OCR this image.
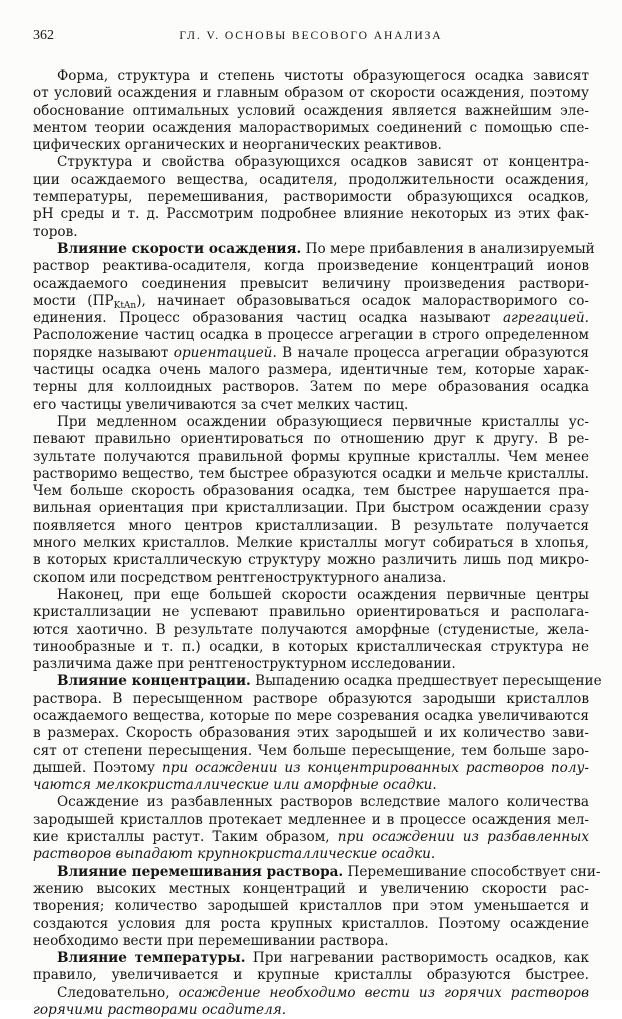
362	ГЛ. V. ОСНОВЫ ВЕСОВОГО АНАЛИЗА
Форма, структура и степень чистоты образующегося осадка зависят
от условий осаждения и главным образом от скорости осаждения, поэтому
обоснование оптимальных условий осаждения является важнейшим эле-
ментом теории осаждения малорастворимых соединений с помощью спе-
цифических органических и неорганических реактивов.
Структура и свойства образующихся осадков зависят от концентра-
ции осаждаемого вещества, осадителя, продолжительности осаждения,
температуры, перемешивания, растворимости образующихся осадков,
pH среды и т. д. Рассмотрим подробнее влияние некоторых из этих фак-
торов.
Влияние скорости осаждения. По мере прибавления в анализируемый
раствор реактива-осадителя, когда произведение концентраций ионов
осаждаемого соединения превысит величину произведения раствори-
мости $(ПР_{KtAn})$, начинает образовываться осадок малорастворимого со-
единения. Процесс образования частиц осадка называют агрегацией.
Расположение частиц осадка в процессе агрегации в строго определенном
порядке называют ориентацией. В начале процесса агрегации образуются
частицы осадка очень малого размера, идентичные тем, которые харак-
терны для коллоидных растворов. Затем по мере образования осадка
его частицы увеличиваются за счет мелких частиц.
При медленном осаждении образующиеся первичные кристаллы ус-
певают правильно ориентироваться по отношению друг к другу. В ре-
зультате получаются правильной формы крупные кристаллы. Чем менее
растворимо вещество, тем быстрее образуются осадки и мельче кристаллы.
Чем больше скорость образования осадка, тем быстрее нарушается пра-
вильная ориентация при кристаллизации. При быстром осаждении сразу
появляется много центров кристаллизации. В результате получается
много мелких кристаллов. Мелкие кристаллы могут собираться в хлопья,
в которых кристаллическую структуру можно различить лишь под микро-
скопом или посредством рентгеноструктурного анализа.
Наконец, при еще большей скорости осаждения первичные центры
кристаллизации не успевают правильно ориентироваться и располага-
ются хаотично. В результате получаются аморфные (студенистые, жела-
тинообразные и т. п.) осадки, в которых кристаллическая структура не
различима даже при рентгеноструктурном исследовании.
Влияние концентрации. Выпадению осадка предшествует пересыщение
раствора. В пересыщенном растворе образуются зародыши кристаллов
осаждаемого вещества, которые по мере созревания осадка увеличиваются
в размерах. Скорость образования этих зародышей и их количество зави-
сят от степени пересыщения. Чем больше пересыщение, тем больше заро-
дышей. Поэтому при осаждении из концентрированных растворов полу-
чаются мелкокристаллические или аморфные осадки.
Осаждение из разбавленных растворов вследствие малого количества
зародышей кристаллов протекает медленнее и в процессе осаждения мел-
кие кристаллы растут. Таким образом, при осаждении из разбавленных
растворов выпадают крупнокристаллические осадки.
Влияние перемешивания раствора. Перемешивание способствует сни-
жению высоких местных концентраций и увеличению скорости рас-
творения; количество зародышей кристаллов при этом уменьшается и
создаются условия для роста крупных кристаллов. Поэтому осаждение
необходимо вести при перемешивании раствора.
Влияние температуры. При нагревании растворимость осадков, как
правило, увеличивается и крупные кристаллы образуются быстрее.
Следовательно, осаждение необходимо вести из горячих растворов
горячими растворами осадителя.
